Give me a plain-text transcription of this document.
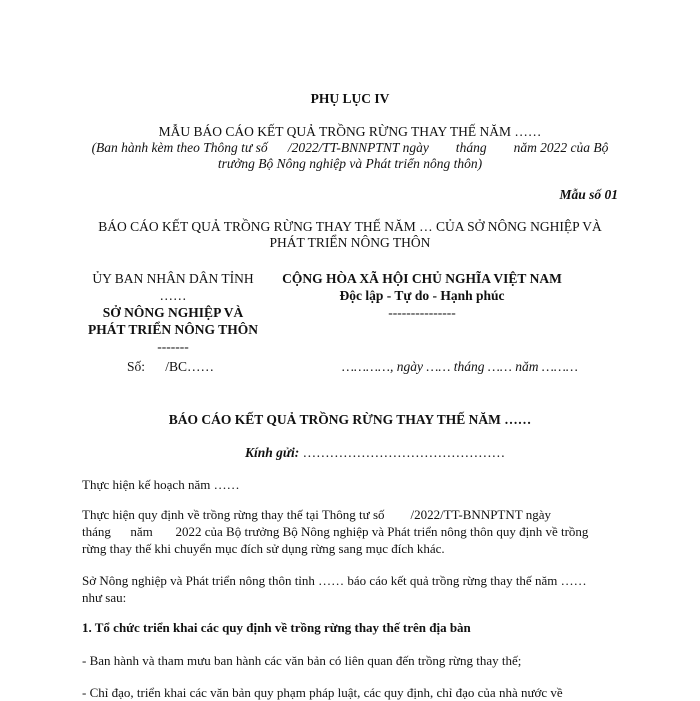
PHỤ LỤC IV
MẪU BÁO CÁO KẾT QUẢ TRỒNG RỪNG THAY THẾ NĂM ……
(Ban hành kèm theo Thông tư số      /2022/TT-BNNPTNT ngày        tháng        năm 2022 của Bộ
trưởng Bộ Nông nghiệp và Phát triển nông thôn)
Mẫu số 01
BÁO CÁO KẾT QUẢ TRỒNG RỪNG THAY THẾ NĂM … CỦA SỞ NÔNG NGHIỆP VÀ
PHÁT TRIỂN NÔNG THÔN
ỦY BAN NHÂN DÂN TỈNH
……
SỞ NÔNG NGHIỆP VÀ
PHÁT TRIỂN NÔNG THÔN
-------
CỘNG HÒA XÃ HỘI CHỦ NGHĨA VIỆT NAM
Độc lập - Tự do - Hạnh phúc
---------------
Số:      /BC……	…………, ngày …… tháng …… năm ………
BÁO CÁO KẾT QUẢ TRỒNG RỪNG THAY THẾ NĂM ……
Kính gửi: ………………………………………
Thực hiện kế hoạch năm ……
Thực hiện quy định về trồng rừng thay thế tại Thông tư số        /2022/TT-BNNPTNT ngày
tháng      năm       2022 của Bộ trưởng Bộ Nông nghiệp và Phát triển nông thôn quy định về trồng
rừng thay thế khi chuyển mục đích sử dụng rừng sang mục đích khác.
Sở Nông nghiệp và Phát triển nông thôn tỉnh …… báo cáo kết quả trồng rừng thay thế năm ……
như sau:
1. Tổ chức triển khai các quy định về trồng rừng thay thế trên địa bàn
- Ban hành và tham mưu ban hành các văn bản có liên quan đến trồng rừng thay thế;
- Chỉ đạo, triển khai các văn bản quy phạm pháp luật, các quy định, chỉ đạo của nhà nước về
